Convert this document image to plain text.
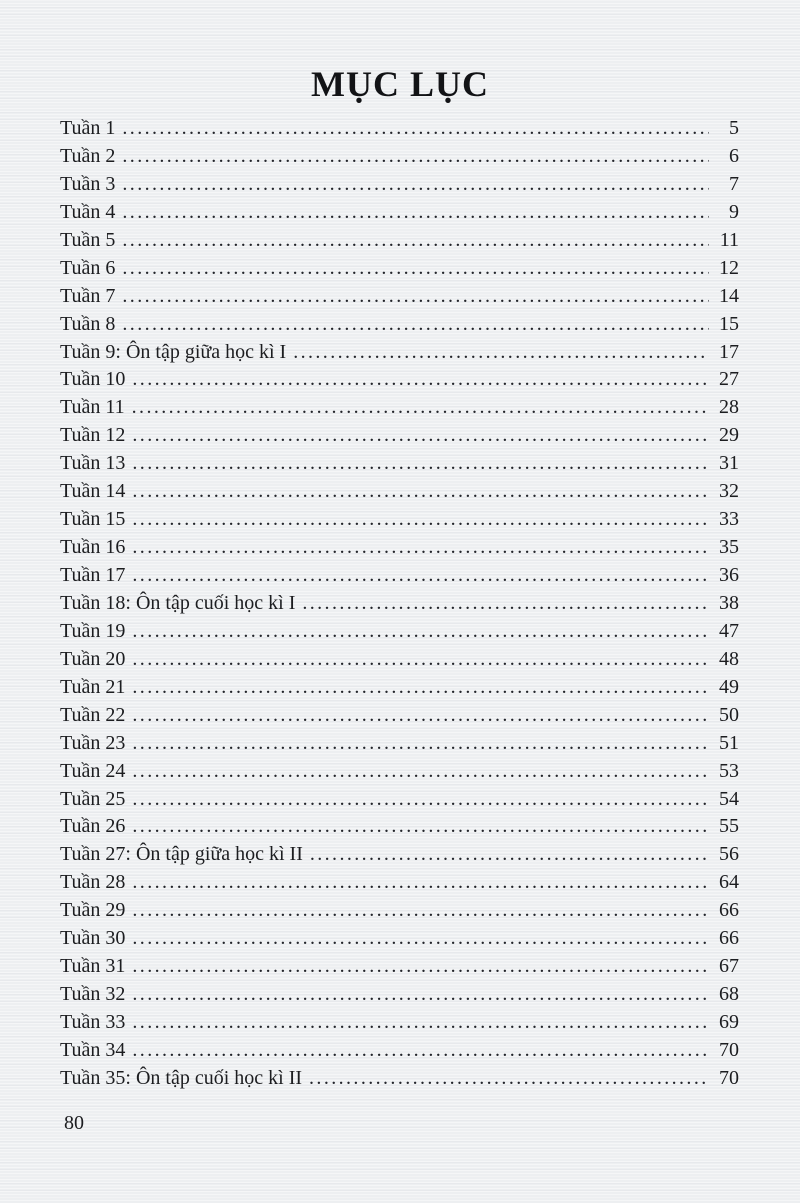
MỤC LỤC
Tuần 1 .....	5
Tuần 2 .....	6
Tuần 3 .....	7
Tuần 4 .....	9
Tuần 5 .....	11
Tuần 6 .....	12
Tuần 7 .....	14
Tuần 8 .....	15
Tuần 9: Ôn tập giữa học kì I .....	17
Tuần 10 .....	27
Tuần 11 .....	28
Tuần 12 .....	29
Tuần 13 .....	31
Tuần 14 .....	32
Tuần 15 .....	33
Tuần 16 .....	35
Tuần 17 .....	36
Tuần 18: Ôn tập cuối học kì I .....	38
Tuần 19 .....	47
Tuần 20 .....	48
Tuần 21 .....	49
Tuần 22 .....	50
Tuần 23 .....	51
Tuần 24 .....	53
Tuần 25 .....	54
Tuần 26 .....	55
Tuần 27: Ôn tập giữa học kì II .....	56
Tuần 28 .....	64
Tuần 29 .....	66
Tuần 30 .....	66
Tuần 31 .....	67
Tuần 32 .....	68
Tuần 33 .....	69
Tuần 34 .....	70
Tuần 35: Ôn tập cuối học kì II .....	70
80
